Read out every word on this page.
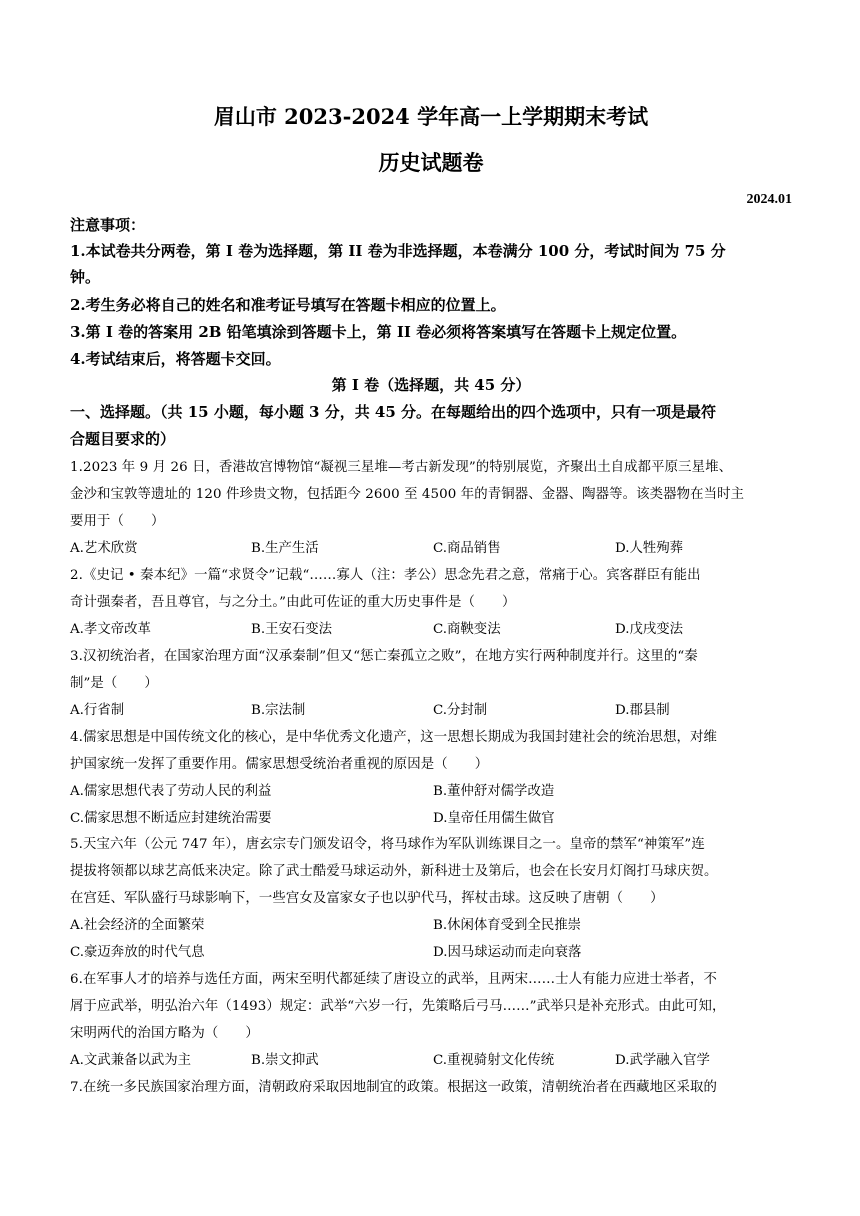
眉山市 2023-2024 学年高一上学期期末考试
历史试题卷
2024.01
注意事项：
1.本试卷共分两卷，第 I 卷为选择题，第 II 卷为非选择题，本卷满分 100 分，考试时间为 75 分
钟。
2.考生务必将自己的姓名和准考证号填写在答题卡相应的位置上。
3.第 I 卷的答案用 2B 铅笔填涂到答题卡上，第 II 卷必须将答案填写在答题卡上规定位置。
4.考试结束后，将答题卡交回。
第 I 卷（选择题，共 45 分）
一、选择题。（共 15 小题，每小题 3 分，共 45 分。在每题给出的四个选项中，只有一项是最符
合题目要求的）
1.2023 年 9 月 26 日，香港故宫博物馆“凝视三星堆—考古新发现”的特别展览，齐聚出土自成都平原三星堆、
金沙和宝敦等遗址的 120 件珍贵文物，包括距今 2600 至 4500 年的青铜器、金器、陶器等。该类器物在当时主
要用于（　　）
A.艺术欣赏	B.生产生活	C.商品销售	D.人牲殉葬
2.《史记 • 秦本纪》一篇“求贤令”记载“……寡人（注：孝公）思念先君之意，常痛于心。宾客群臣有能出
奇计强秦者，吾且尊官，与之分土。”由此可佐证的重大历史事件是（　　）
A.孝文帝改革	B.王安石变法	C.商鞅变法	D.戊戌变法
3.汉初统治者，在国家治理方面“汉承秦制”但又“惩亡秦孤立之败”，在地方实行两种制度并行。这里的“秦
制”是（　　）
A.行省制	B.宗法制	C.分封制	D.郡县制
4.儒家思想是中国传统文化的核心，是中华优秀文化遗产，这一思想长期成为我国封建社会的统治思想，对维
护国家统一发挥了重要作用。儒家思想受统治者重视的原因是（　　）
A.儒家思想代表了劳动人民的利益	B.董仲舒对儒学改造
C.儒家思想不断适应封建统治需要	D.皇帝任用儒生做官
5.天宝六年（公元 747 年），唐玄宗专门颁发诏令，将马球作为军队训练课目之一。皇帝的禁军“神策军”连
提拔将领都以球艺高低来决定。除了武士酷爱马球运动外，新科进士及第后，也会在长安月灯阁打马球庆贺。
在宫廷、军队盛行马球影响下，一些宫女及富家女子也以驴代马，挥杖击球。这反映了唐朝（　　）
A.社会经济的全面繁荣	B.休闲体育受到全民推崇
C.豪迈奔放的时代气息	D.因马球运动而走向衰落
6.在军事人才的培养与选任方面，两宋至明代都延续了唐设立的武举，且两宋……士人有能力应进士举者，不
屑于应武举，明弘治六年（1493）规定：武举“六岁一行，先策略后弓马……”武举只是补充形式。由此可知，
宋明两代的治国方略为（　　）
A.文武兼备以武为主	B.崇文抑武	C.重视骑射文化传统	D.武学融入官学
7.在统一多民族国家治理方面，清朝政府采取因地制宜的政策。根据这一政策，清朝统治者在西藏地区采取的
